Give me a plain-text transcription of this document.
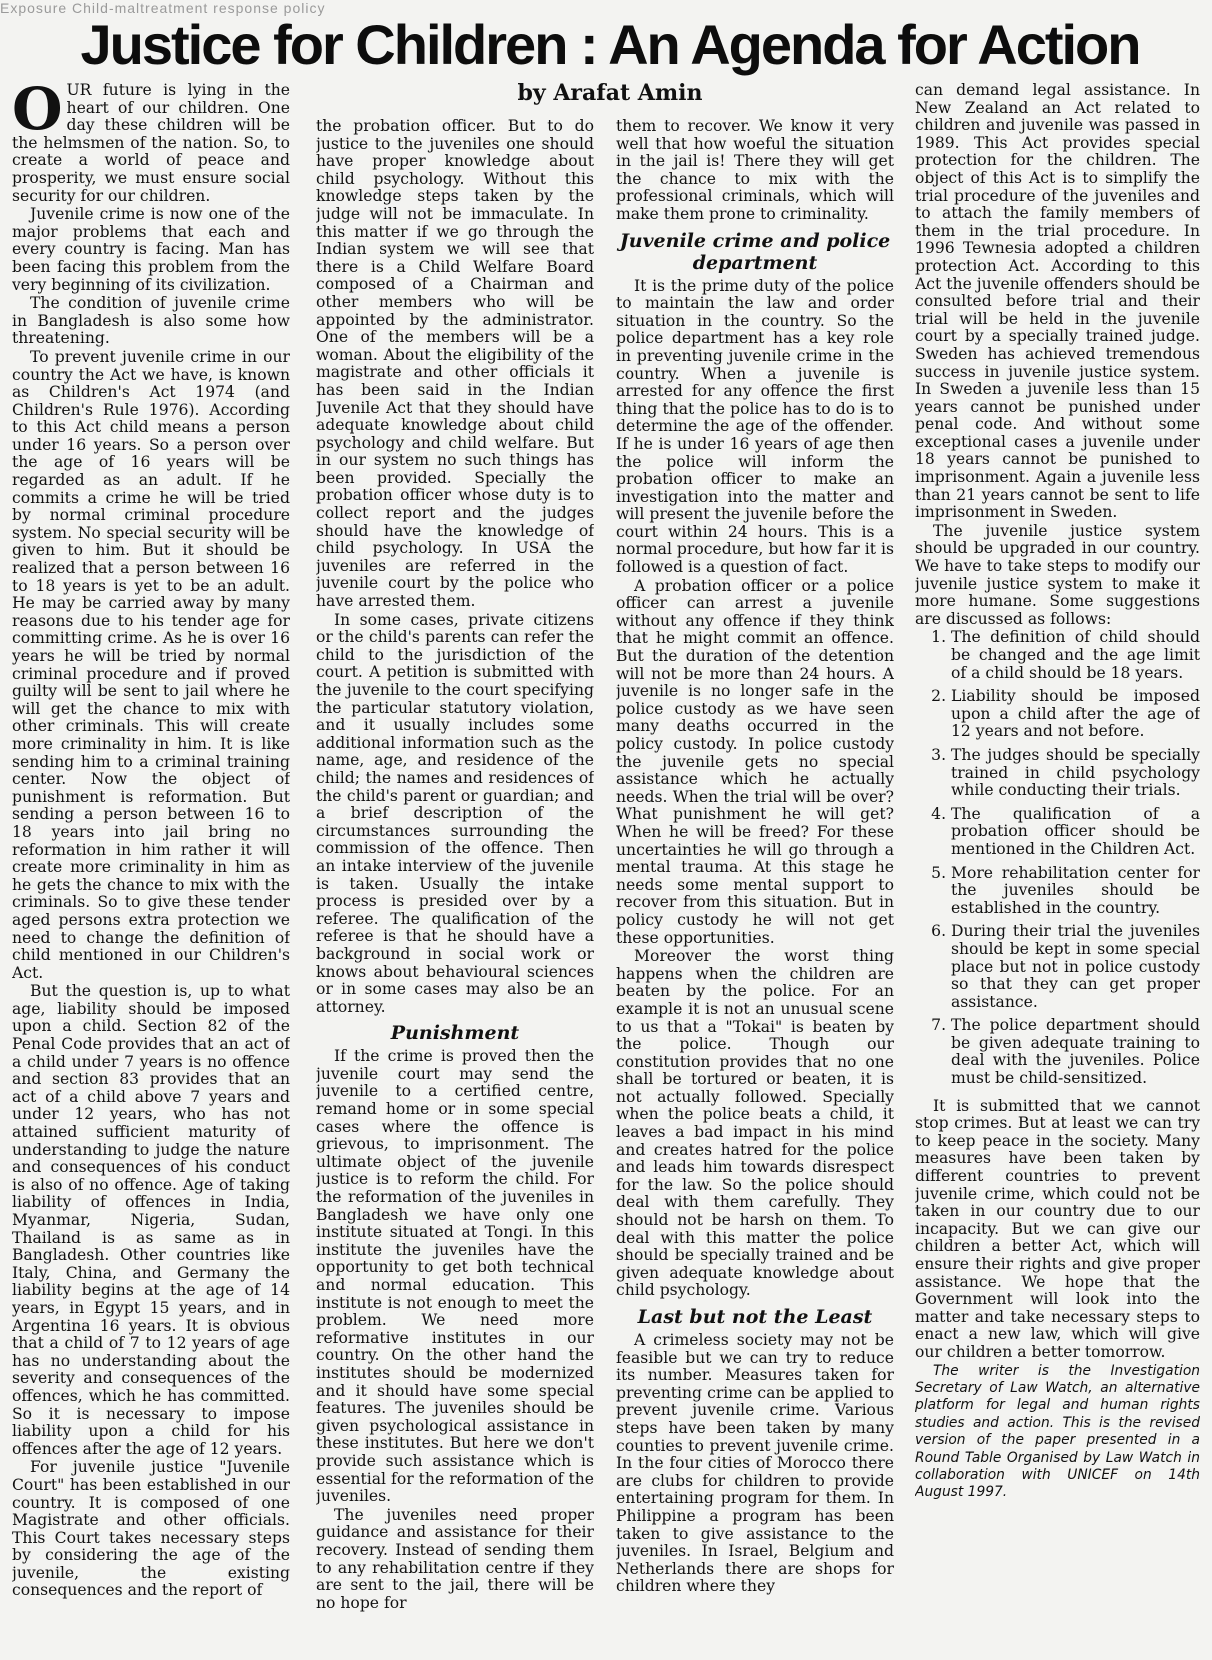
Exposure Child-maltreatment response policy
Justice for Children : An Agenda for Action
by Arafat Amin

OUR future is lying in the heart of our children. One day these children will be the helmsmen of the nation. So, to create a world of peace and prosperity, we must ensure social security for our children.

Juvenile crime is now one of the major problems that each and every country is facing. Man has been facing this problem from the very beginning of its civilization.

The condition of juvenile crime in Bangladesh is also some how threatening.

To prevent juvenile crime in our country the Act we have, is known as Children's Act 1974 (and Children's Rule 1976). According to this Act child means a person under 16 years. So a person over the age of 16 years will be regarded as an adult. If he commits a crime he will be tried by normal criminal procedure system. No special security will be given to him. But it should be realized that a person between 16 to 18 years is yet to be an adult. He may be carried away by many reasons due to his tender age for committing crime. As he is over 16 years he will be tried by normal criminal procedure and if proved guilty will be sent to jail where he will get the chance to mix with other criminals. This will create more criminality in him. It is like sending him to a criminal training center. Now the object of punishment is reformation. But sending a person between 16 to 18 years into jail bring no reformation in him rather it will create more criminality in him as he gets the chance to mix with the criminals. So to give these tender aged persons extra protection we need to change the definition of child mentioned in our Children's Act.

But the question is, up to what age, liability should be imposed upon a child. Section 82 of the Penal Code provides that an act of a child under 7 years is no offence and section 83 provides that an act of a child above 7 years and under 12 years, who has not attained sufficient maturity of understanding to judge the nature and consequences of his conduct is also of no offence. Age of taking liability of offences in India, Myanmar, Nigeria, Sudan, Thailand is as same as in Bangladesh. Other countries like Italy, China, and Germany the liability begins at the age of 14 years, in Egypt 15 years, and in Argentina 16 years. It is obvious that a child of 7 to 12 years of age has no understanding about the severity and consequences of the offences, which he has committed. So it is necessary to impose liability upon a child for his offences after the age of 12 years.

For juvenile justice "Juvenile Court" has been established in our country. It is composed of one Magistrate and other officials. This Court takes necessary steps by considering the age of the juvenile, the existing consequences and the report of

the probation officer. But to do justice to the juveniles one should have proper knowledge about child psychology. Without this knowledge steps taken by the judge will not be immaculate. In this matter if we go through the Indian system we will see that there is a Child Welfare Board composed of a Chairman and other members who will be appointed by the administrator. One of the members will be a woman. About the eligibility of the magistrate and other officials it has been said in the Indian Juvenile Act that they should have adequate knowledge about child psychology and child welfare. But in our system no such things has been provided. Specially the probation officer whose duty is to collect report and the judges should have the knowledge of child psychology. In USA the juveniles are referred in the juvenile court by the police who have arrested them.

In some cases, private citizens or the child's parents can refer the child to the jurisdiction of the court. A petition is submitted with the juvenile to the court specifying the particular statutory violation, and it usually includes some additional information such as the name, age, and residence of the child; the names and residences of the child's parent or guardian; and a brief description of the circumstances surrounding the commission of the offence. Then an intake interview of the juvenile is taken. Usually the intake process is presided over by a referee. The qualification of the referee is that he should have a background in social work or knows about behavioural sciences or in some cases may also be an attorney.

Punishment

If the crime is proved then the juvenile court may send the juvenile to a certified centre, remand home or in some special cases where the offence is grievous, to imprisonment. The ultimate object of the juvenile justice is to reform the child. For the reformation of the juveniles in Bangladesh we have only one institute situated at Tongi. In this institute the juveniles have the opportunity to get both technical and normal education. This institute is not enough to meet the problem. We need more reformative institutes in our country. On the other hand the institutes should be modernized and it should have some special features. The juveniles should be given psychological assistance in these institutes. But here we don't provide such assistance which is essential for the reformation of the juveniles.

The juveniles need proper guidance and assistance for their recovery. Instead of sending them to any rehabilitation centre if they are sent to the jail, there will be no hope for

them to recover. We know it very well that how woeful the situation in the jail is! There they will get the chance to mix with the professional criminals, which will make them prone to criminality.

Juvenile crime and police department

It is the prime duty of the police to maintain the law and order situation in the country. So the police department has a key role in preventing juvenile crime in the country. When a juvenile is arrested for any offence the first thing that the police has to do is to determine the age of the offender. If he is under 16 years of age then the police will inform the probation officer to make an investigation into the matter and will present the juvenile before the court within 24 hours. This is a normal procedure, but how far it is followed is a question of fact.

A probation officer or a police officer can arrest a juvenile without any offence if they think that he might commit an offence. But the duration of the detention will not be more than 24 hours. A juvenile is no longer safe in the police custody as we have seen many deaths occurred in the policy custody. In police custody the juvenile gets no special assistance which he actually needs. When the trial will be over? What punishment he will get? When he will be freed? For these uncertainties he will go through a mental trauma. At this stage he needs some mental support to recover from this situation. But in policy custody he will not get these opportunities.

Moreover the worst thing happens when the children are beaten by the police. For an example it is not an unusual scene to us that a "Tokai" is beaten by the police. Though our constitution provides that no one shall be tortured or beaten, it is not actually followed. Specially when the police beats a child, it leaves a bad impact in his mind and creates hatred for the police and leads him towards disrespect for the law. So the police should deal with them carefully. They should not be harsh on them. To deal with this matter the police should be specially trained and be given adequate knowledge about child psychology.

Last but not the Least

A crimeless society may not be feasible but we can try to reduce its number. Measures taken for preventing crime can be applied to prevent juvenile crime. Various steps have been taken by many counties to prevent juvenile crime. In the four cities of Morocco there are clubs for children to provide entertaining program for them. In Philippine a program has been taken to give assistance to the juveniles. In Israel, Belgium and Netherlands there are shops for children where they

can demand legal assistance. In New Zealand an Act related to children and juvenile was passed in 1989. This Act provides special protection for the children. The object of this Act is to simplify the trial procedure of the juveniles and to attach the family members of them in the trial procedure. In 1996 Tewnesia adopted a children protection Act. According to this Act the juvenile offenders should be consulted before trial and their trial will be held in the juvenile court by a specially trained judge. Sweden has achieved tremendous success in juvenile justice system. In Sweden a juvenile less than 15 years cannot be punished under penal code. And without some exceptional cases a juvenile under 18 years cannot be punished to imprisonment. Again a juvenile less than 21 years cannot be sent to life imprisonment in Sweden.

The juvenile justice system should be upgraded in our country. We have to take steps to modify our juvenile justice system to make it more humane. Some suggestions are discussed as follows:

1. The definition of child should be changed and the age limit of a child should be 18 years.
2. Liability should be imposed upon a child after the age of 12 years and not before.
3. The judges should be specially trained in child psychology while conducting their trials.
4. The qualification of a probation officer should be mentioned in the Children Act.
5. More rehabilitation center for the juveniles should be established in the country.
6. During their trial the juveniles should be kept in some special place but not in police custody so that they can get proper assistance.
7. The police department should be given adequate training to deal with the juveniles. Police must be child-sensitized.

It is submitted that we cannot stop crimes. But at least we can try to keep peace in the society. Many measures have been taken by different countries to prevent juvenile crime, which could not be taken in our country due to our incapacity. But we can give our children a better Act, which will ensure their rights and give proper assistance. We hope that the Government will look into the matter and take necessary steps to enact a new law, which will give our children a better tomorrow.

The writer is the Investigation Secretary of Law Watch, an alternative platform for legal and human rights studies and action. This is the revised version of the paper presented in a Round Table Organised by Law Watch in collaboration with UNICEF on 14th August 1997.
